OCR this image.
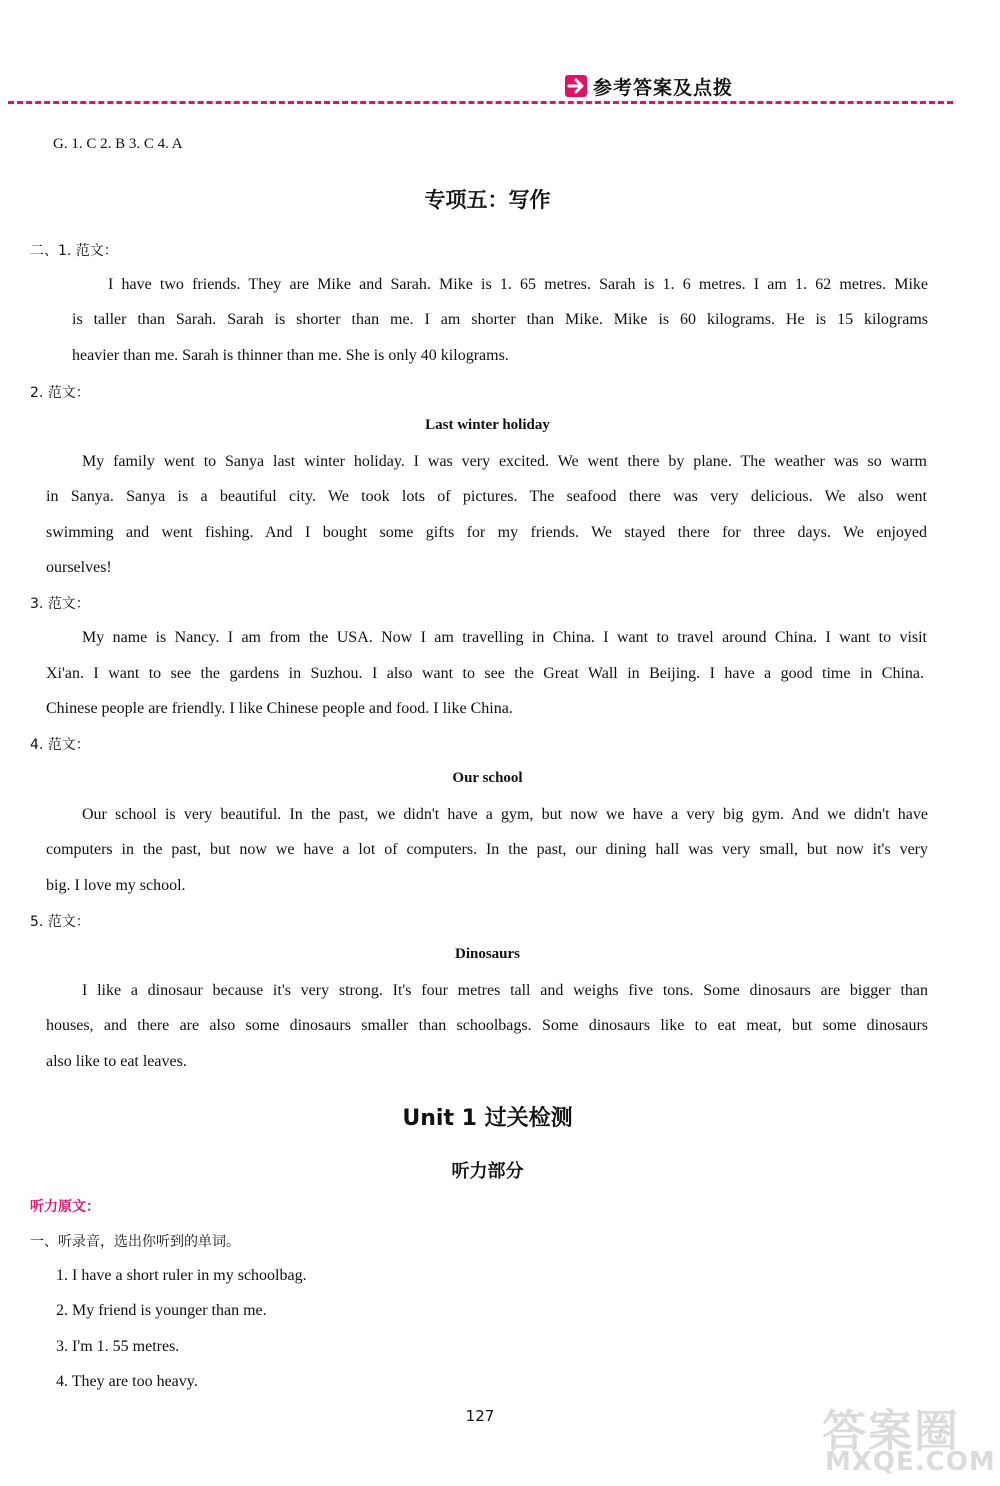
参考答案及点拨
G. 1. C 2. B 3. C 4. A
专项五：写作
二、1. 范文：
I have two friends. They are Mike and Sarah. Mike is 1. 65 metres. Sarah is 1. 6 metres. I am 1. 62 metres. Mike
is taller than Sarah. Sarah is shorter than me. I am shorter than Mike. Mike is 60 kilograms. He is 15 kilograms
heavier than me. Sarah is thinner than me. She is only 40 kilograms.
2. 范文：
Last winter holiday
My family went to Sanya last winter holiday. I was very excited. We went there by plane. The weather was so warm
in Sanya. Sanya is a beautiful city. We took lots of pictures. The seafood there was very delicious. We also went
swimming and went fishing. And I bought some gifts for my friends. We stayed there for three days. We enjoyed
ourselves!
3. 范文：
My name is Nancy. I am from the USA. Now I am travelling in China. I want to travel around China. I want to visit
Xi'an. I want to see the gardens in Suzhou. I also want to see the Great Wall in Beijing. I have a good time in China.
Chinese people are friendly. I like Chinese people and food. I like China.
4. 范文：
Our school
Our school is very beautiful. In the past, we didn't have a gym, but now we have a very big gym. And we didn't have
computers in the past, but now we have a lot of computers. In the past, our dining hall was very small, but now it's very
big. I love my school.
5. 范文：
Dinosaurs
I like a dinosaur because it's very strong. It's four metres tall and weighs five tons. Some dinosaurs are bigger than
houses, and there are also some dinosaurs smaller than schoolbags. Some dinosaurs like to eat meat, but some dinosaurs
also like to eat leaves.
Unit 1 过关检测
听力部分
听力原文：
一、听录音，选出你听到的单词。
1. I have a short ruler in my schoolbag.
2. My friend is younger than me.
3. I'm 1. 55 metres.
4. They are too heavy.
127	答案圈
MXQE.COM
